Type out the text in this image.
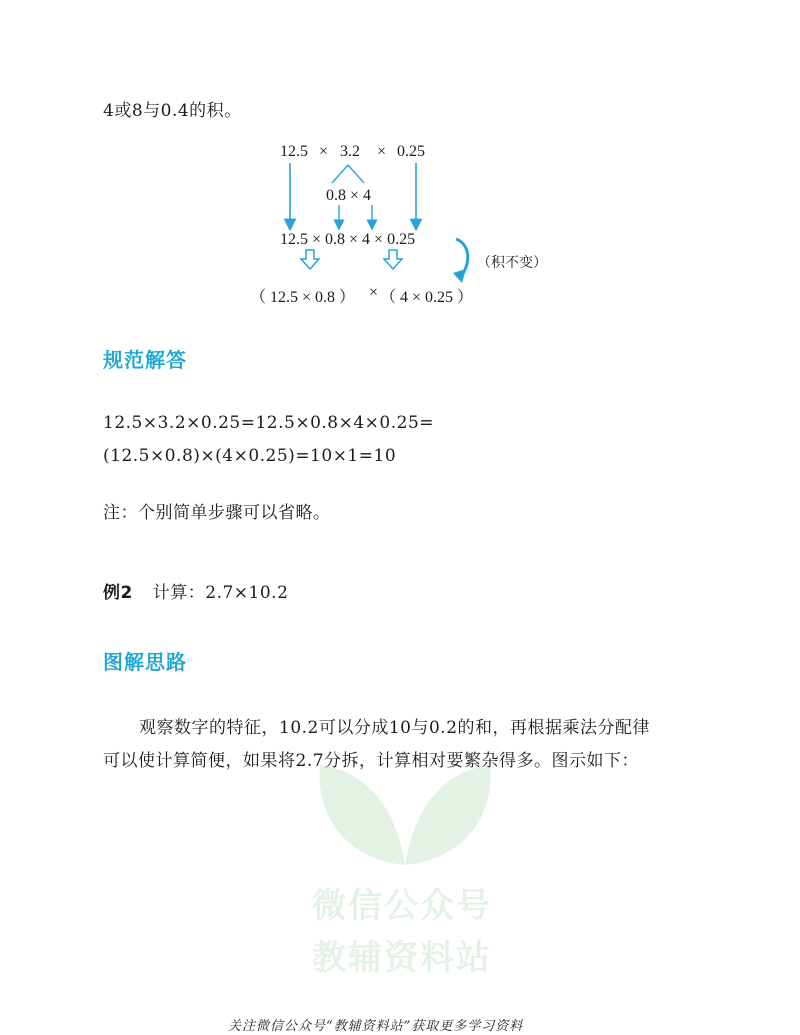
4或8与0.4的积。
12.5 × 3.2 × 0.25
0.8 × 4
12.5 × 0.8 × 4 × 0.25
（积不变）
（ 12.5 × 0.8 ） × （ 4 × 0.25 ）
规范解答
12.5×3.2×0.25=12.5×0.8×4×0.25=
(12.5×0.8)×(4×0.25)=10×1=10
注：个别简单步骤可以省略。
例2 计算：2.7×10.2
图解思路
观察数字的特征，10.2可以分成10与0.2的和，再根据乘法分配律
可以使计算简便，如果将2.7分拆，计算相对要繁杂得多。图示如下：
微信公众号
教辅资料站
关注微信公众号“教辅资料站”获取更多学习资料
